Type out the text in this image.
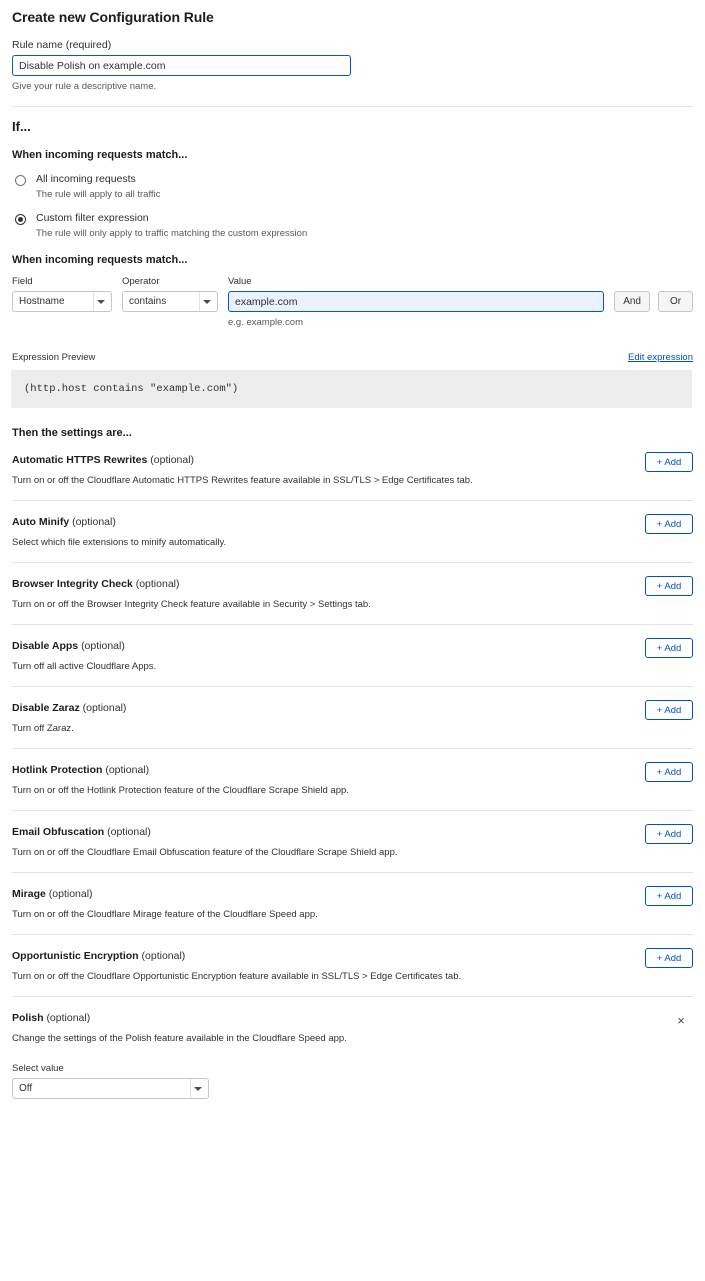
Create new Configuration Rule
Rule name (required)
Disable Polish on example.com
Give your rule a descriptive name.
If...
When incoming requests match...
All incoming requests
The rule will apply to all traffic
Custom filter expression
The rule will only apply to traffic matching the custom expression
When incoming requests match...
Field
Hostname
Operator
contains
Value
example.com
e.g. example.com
And	Or
Expression Preview	Edit expression
(http.host contains "example.com")
Then the settings are...
Automatic HTTPS Rewrites (optional)
Turn on or off the Cloudflare Automatic HTTPS Rewrites feature available in SSL/TLS > Edge Certificates tab.
+ Add
Auto Minify (optional)
Select which file extensions to minify automatically.
+ Add
Browser Integrity Check (optional)
Turn on or off the Browser Integrity Check feature available in Security > Settings tab.
+ Add
Disable Apps (optional)
Turn off all active Cloudflare Apps.
+ Add
Disable Zaraz (optional)
Turn off Zaraz.
+ Add
Hotlink Protection (optional)
Turn on or off the Hotlink Protection feature of the Cloudflare Scrape Shield app.
+ Add
Email Obfuscation (optional)
Turn on or off the Cloudflare Email Obfuscation feature of the Cloudflare Scrape Shield app.
+ Add
Mirage (optional)
Turn on or off the Cloudflare Mirage feature of the Cloudflare Speed app.
+ Add
Opportunistic Encryption (optional)
Turn on or off the Cloudflare Opportunistic Encryption feature available in SSL/TLS > Edge Certificates tab.
+ Add
Polish (optional)
Change the settings of the Polish feature available in the Cloudflare Speed app.
×
Select value
Off
